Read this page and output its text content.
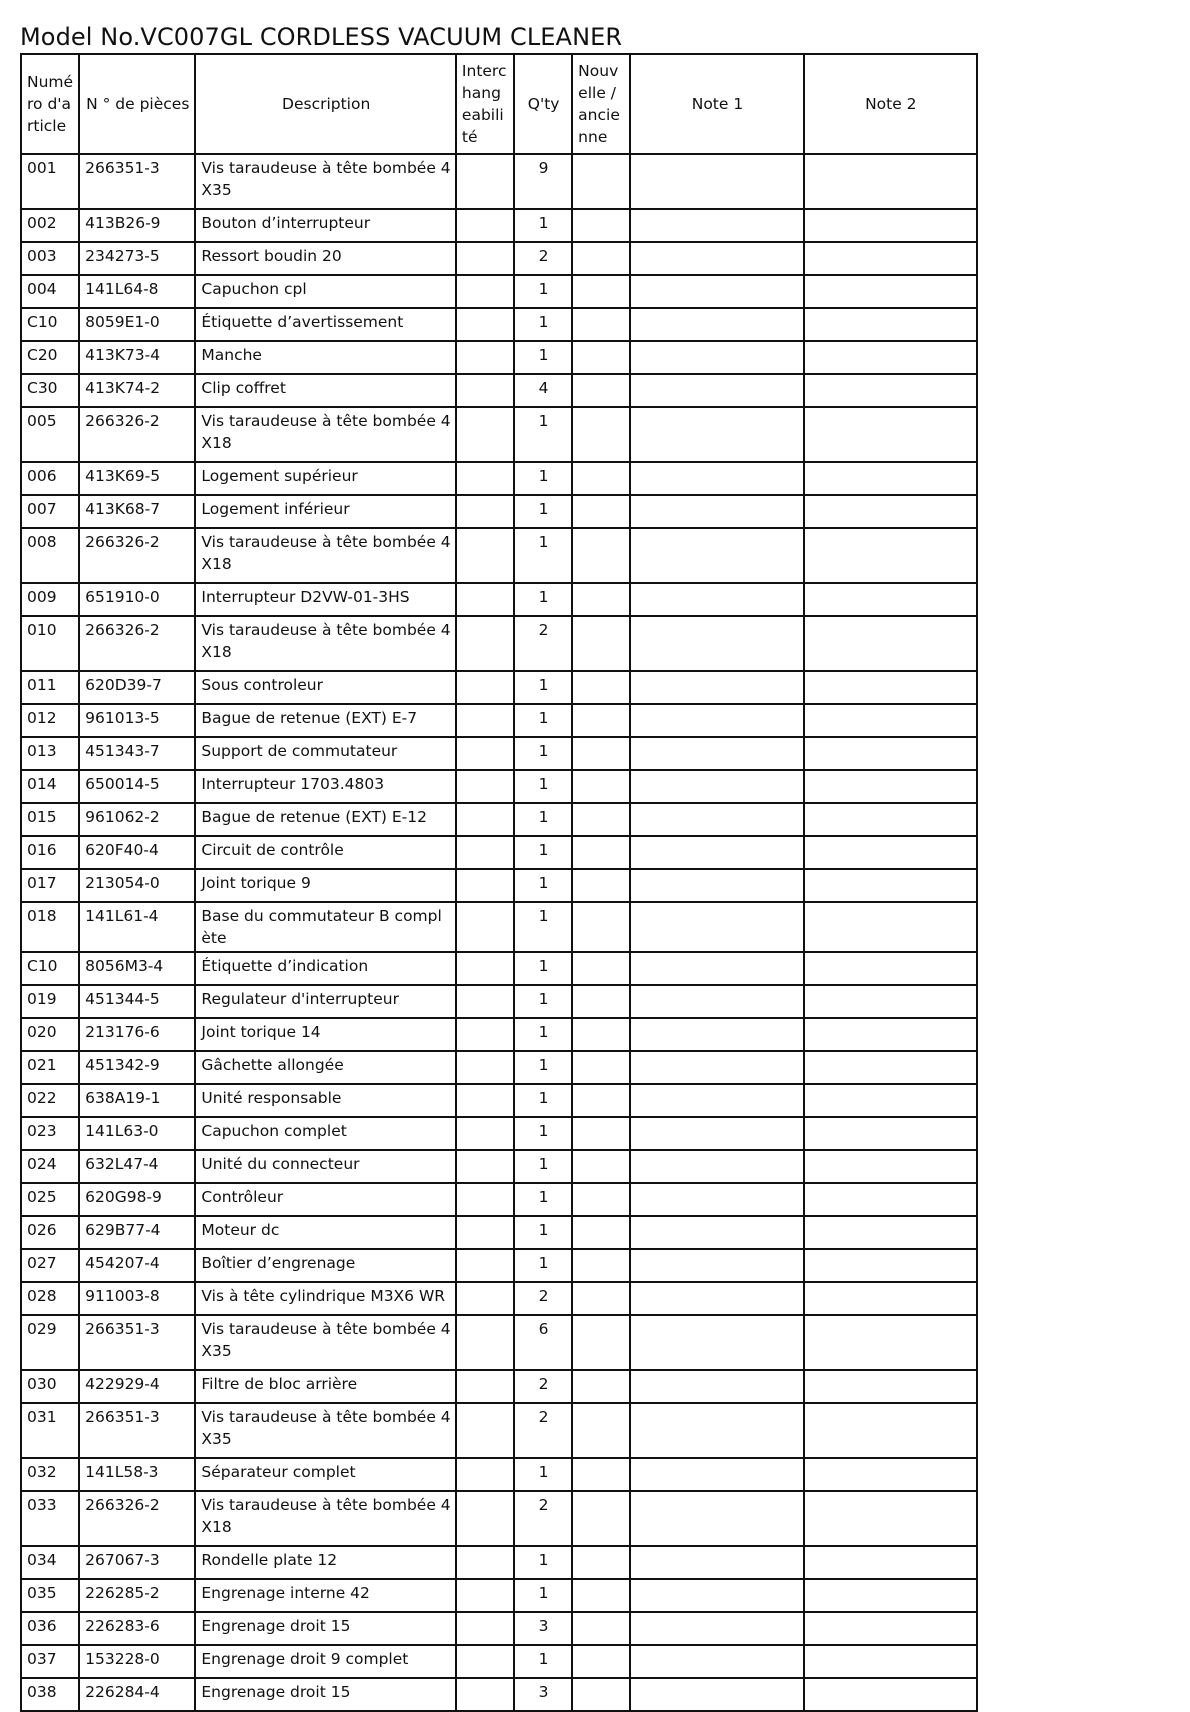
Model No.VC007GL CORDLESS VACUUM CLEANER
Numéro d'article	N ° de pièces	Description	Interchangeabilité	Q'ty	Nouvelle / ancienne	Note 1	Note 2
001	266351-3	Vis taraudeuse à tête bombée 4X35		9			
002	413B26-9	Bouton d’interrupteur		1			
003	234273-5	Ressort boudin 20		2			
004	141L64-8	Capuchon cpl		1			
C10	8059E1-0	Étiquette d’avertissement		1			
C20	413K73-4	Manche		1			
C30	413K74-2	Clip coffret		4			
005	266326-2	Vis taraudeuse à tête bombée 4X18		1			
006	413K69-5	Logement supérieur		1			
007	413K68-7	Logement inférieur		1			
008	266326-2	Vis taraudeuse à tête bombée 4X18		1			
009	651910-0	Interrupteur D2VW-01-3HS		1			
010	266326-2	Vis taraudeuse à tête bombée 4X18		2			
011	620D39-7	Sous controleur		1			
012	961013-5	Bague de retenue (EXT) E-7		1			
013	451343-7	Support de commutateur		1			
014	650014-5	Interrupteur 1703.4803		1			
015	961062-2	Bague de retenue (EXT) E-12		1			
016	620F40-4	Circuit de contrôle		1			
017	213054-0	Joint torique 9		1			
018	141L61-4	Base du commutateur B complète		1			
C10	8056M3-4	Étiquette d’indication		1			
019	451344-5	Regulateur d'interrupteur		1			
020	213176-6	Joint torique 14		1			
021	451342-9	Gâchette allongée		1			
022	638A19-1	Unité responsable		1			
023	141L63-0	Capuchon complet		1			
024	632L47-4	Unité du connecteur		1			
025	620G98-9	Contrôleur		1			
026	629B77-4	Moteur dc		1			
027	454207-4	Boîtier d’engrenage		1			
028	911003-8	Vis à tête cylindrique M3X6 WR		2			
029	266351-3	Vis taraudeuse à tête bombée 4X35		6			
030	422929-4	Filtre de bloc arrière		2			
031	266351-3	Vis taraudeuse à tête bombée 4X35		2			
032	141L58-3	Séparateur complet		1			
033	266326-2	Vis taraudeuse à tête bombée 4X18		2			
034	267067-3	Rondelle plate 12		1			
035	226285-2	Engrenage interne 42		1			
036	226283-6	Engrenage droit 15		3			
037	153228-0	Engrenage droit 9 complet		1			
038	226284-4	Engrenage droit 15		3			
